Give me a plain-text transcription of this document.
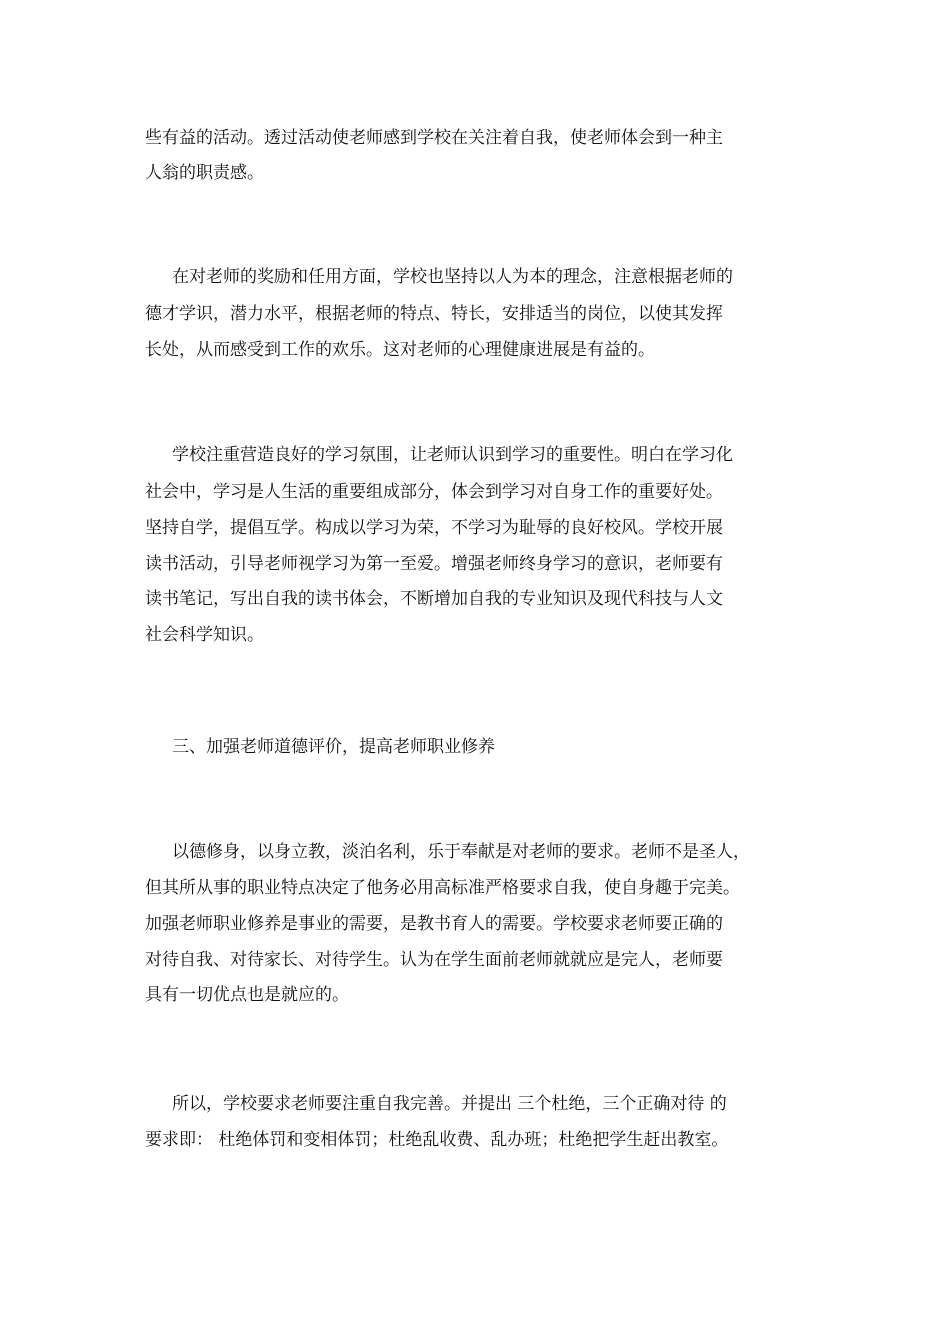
些有益的活动。透过活动使老师感到学校在关注着自我，使老师体会到一种主
人翁的职责感。
在对老师的奖励和任用方面，学校也坚持以人为本的理念，注意根据老师的
德才学识，潜力水平，根据老师的特点、特长，安排适当的岗位，以使其发挥
长处，从而感受到工作的欢乐。这对老师的心理健康进展是有益的。
学校注重营造良好的学习氛围，让老师认识到学习的重要性。明白在学习化
社会中，学习是人生活的重要组成部分，体会到学习对自身工作的重要好处。
坚持自学，提倡互学。构成以学习为荣，不学习为耻辱的良好校风。学校开展
读书活动，引导老师视学习为第一至爱。增强老师终身学习的意识，老师要有
读书笔记，写出自我的读书体会，不断增加自我的专业知识及现代科技与人文
社会科学知识。
三、加强老师道德评价，提高老师职业修养
以德修身，以身立教，淡泊名利，乐于奉献是对老师的要求。老师不是圣人，
但其所从事的职业特点决定了他务必用高标准严格要求自我，使自身趣于完美。
加强老师职业修养是事业的需要，是教书育人的需要。学校要求老师要正确的
对待自我、对待家长、对待学生。认为在学生面前老师就就应是完人，老师要
具有一切优点也是就应的。
所以，学校要求老师要注重自我完善。并提出 三个杜绝，三个正确对待 的
要求即： 杜绝体罚和变相体罚；杜绝乱收费、乱办班；杜绝把学生赶出教室。
